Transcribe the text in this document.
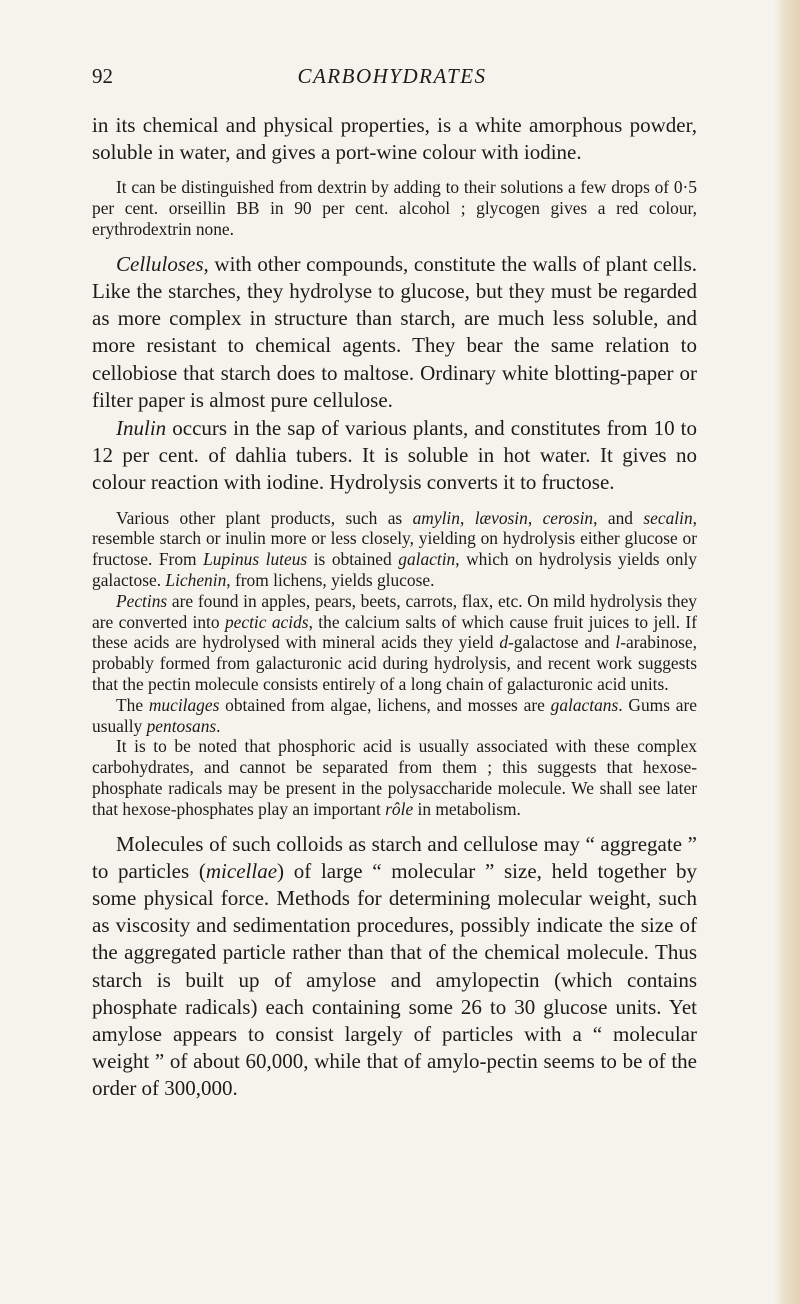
92	CARBOHYDRATES

in its chemical and physical properties, is a white amorphous powder, soluble in water, and gives a port-wine colour with iodine.

It can be distinguished from dextrin by adding to their solutions a few drops of 0·5 per cent. orseillin BB in 90 per cent. alcohol ; glycogen gives a red colour, erythrodextrin none.

Celluloses, with other compounds, constitute the walls of plant cells. Like the starches, they hydrolyse to glucose, but they must be regarded as more complex in structure than starch, are much less soluble, and more resistant to chemical agents. They bear the same relation to cellobiose that starch does to maltose. Ordinary white blotting-paper or filter paper is almost pure cellulose.

Inulin occurs in the sap of various plants, and constitutes from 10 to 12 per cent. of dahlia tubers. It is soluble in hot water. It gives no colour reaction with iodine. Hydrolysis converts it to fructose.

Various other plant products, such as amylin, lævosin, cerosin, and secalin, resemble starch or inulin more or less closely, yielding on hydrolysis either glucose or fructose. From Lupinus luteus is obtained galactin, which on hydrolysis yields only galactose. Lichenin, from lichens, yields glucose.

Pectins are found in apples, pears, beets, carrots, flax, etc. On mild hydrolysis they are converted into pectic acids, the calcium salts of which cause fruit juices to jell. If these acids are hydrolysed with mineral acids they yield d-galactose and l-arabinose, probably formed from galacturonic acid during hydrolysis, and recent work suggests that the pectin molecule consists entirely of a long chain of galacturonic acid units.

The mucilages obtained from algae, lichens, and mosses are galactans. Gums are usually pentosans.

It is to be noted that phosphoric acid is usually associated with these complex carbohydrates, and cannot be separated from them ; this suggests that hexose-phosphate radicals may be present in the polysaccharide molecule. We shall see later that hexose-phosphates play an important rôle in metabolism.

Molecules of such colloids as starch and cellulose may “ aggregate ” to particles (micellae) of large “ molecular ” size, held together by some physical force. Methods for determining molecular weight, such as viscosity and sedimentation procedures, possibly indicate the size of the aggregated particle rather than that of the chemical molecule. Thus starch is built up of amylose and amylopectin (which contains phosphate radicals) each containing some 26 to 30 glucose units. Yet amylose appears to consist largely of particles with a “ molecular weight ” of about 60,000, while that of amylo-pectin seems to be of the order of 300,000.
